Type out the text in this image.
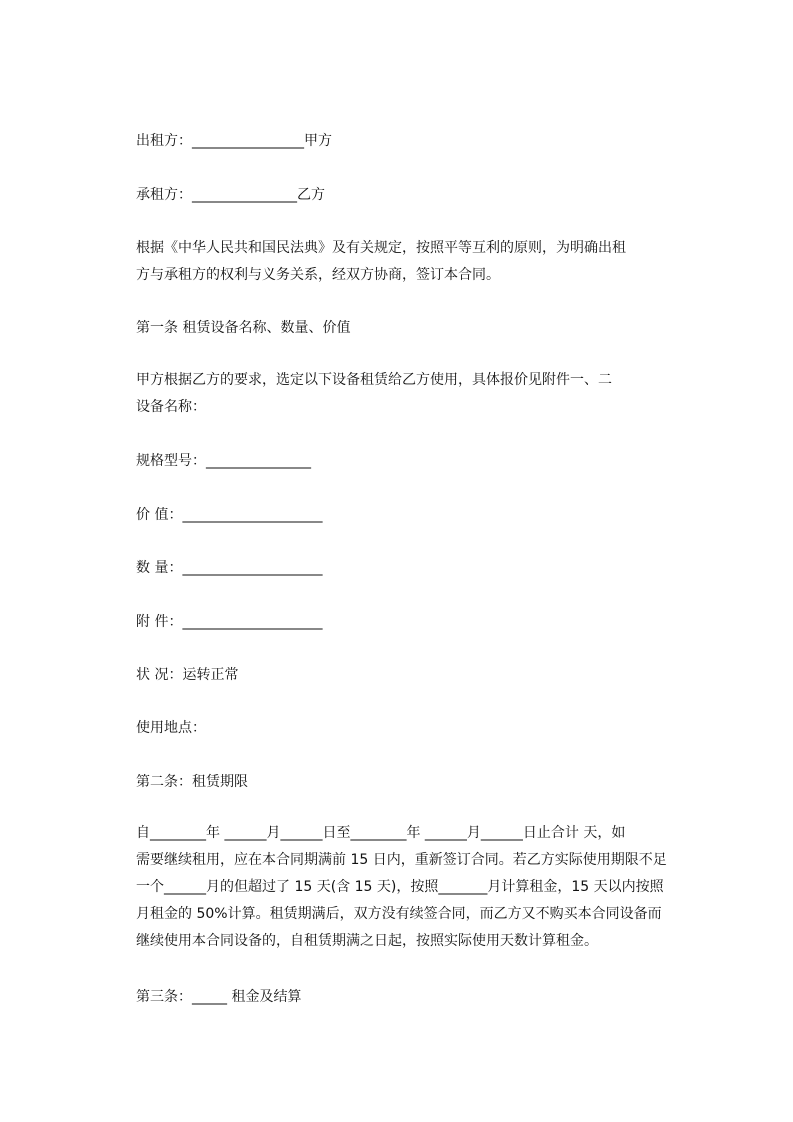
出租方：________________甲方
承租方：_______________乙方
根据《中华人民共和国民法典》及有关规定，按照平等互利的原则，为明确出租
方与承租方的权利与义务关系，经双方协商，签订本合同。
第一条 租赁设备名称、数量、价值
甲方根据乙方的要求，选定以下设备租赁给乙方使用，具体报价见附件一、二
设备名称：
规格型号：_______________
价 值：____________________
数 量：____________________
附 件：____________________
状 况：运转正常
使用地点：
第二条：租赁期限
自________年 ______月______日至________年 ______月______日止合计 天，如
需要继续租用，应在本合同期满前 15 日内，重新签订合同。若乙方实际使用期限不足
一个______月的但超过了 15 天(含 15 天)，按照_______月计算租金，15 天以内按照
月租金的 50%计算。租赁期满后，双方没有续签合同，而乙方又不购买本合同设备而
继续使用本合同设备的，自租赁期满之日起，按照实际使用天数计算租金。
第三条：_____ 租金及结算
